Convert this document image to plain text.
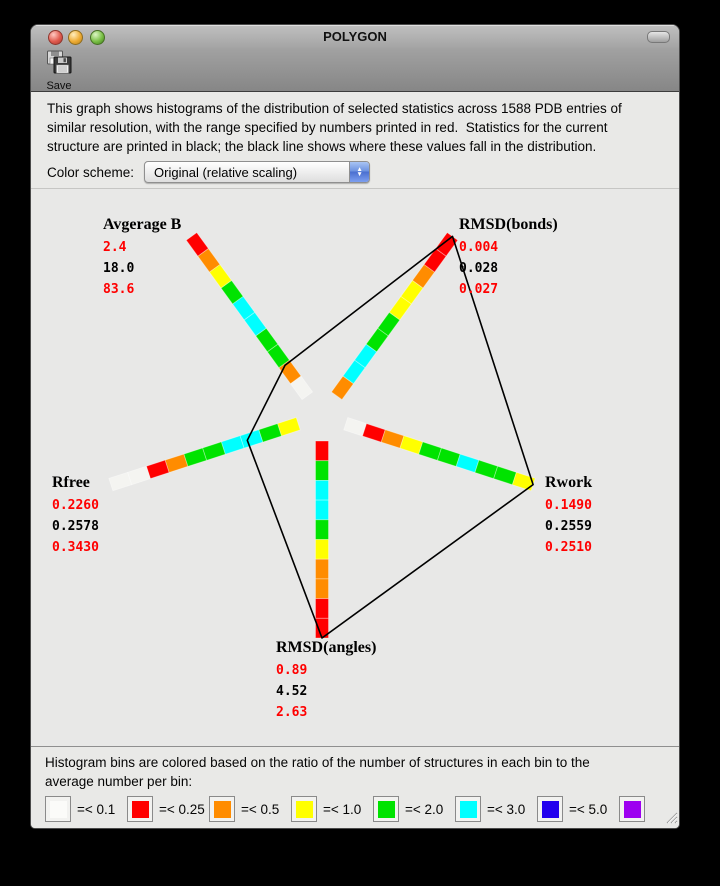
POLYGON
Save
This graph shows histograms of the distribution of selected statistics across 1588 PDB entries of
similar resolution, with the range specified by numbers printed in red.  Statistics for the current
structure are printed in black; the black line shows where these values fall in the distribution.
Color scheme:	Original (relative scaling)	▲
▼
Avgerage B
2.4
18.0
83.6
RMSD(bonds)
0.004
0.028
0.027
Rwork
0.1490
0.2559
0.2510
RMSD(angles)
0.89
4.52
2.63
Rfree
0.2260
0.2578
0.3430
Histogram bins are colored based on the ratio of the number of structures in each bin to the
average number per bin:
=< 0.1	=< 0.25	=< 0.5	=< 1.0	=< 2.0	=< 3.0	=< 5.0
